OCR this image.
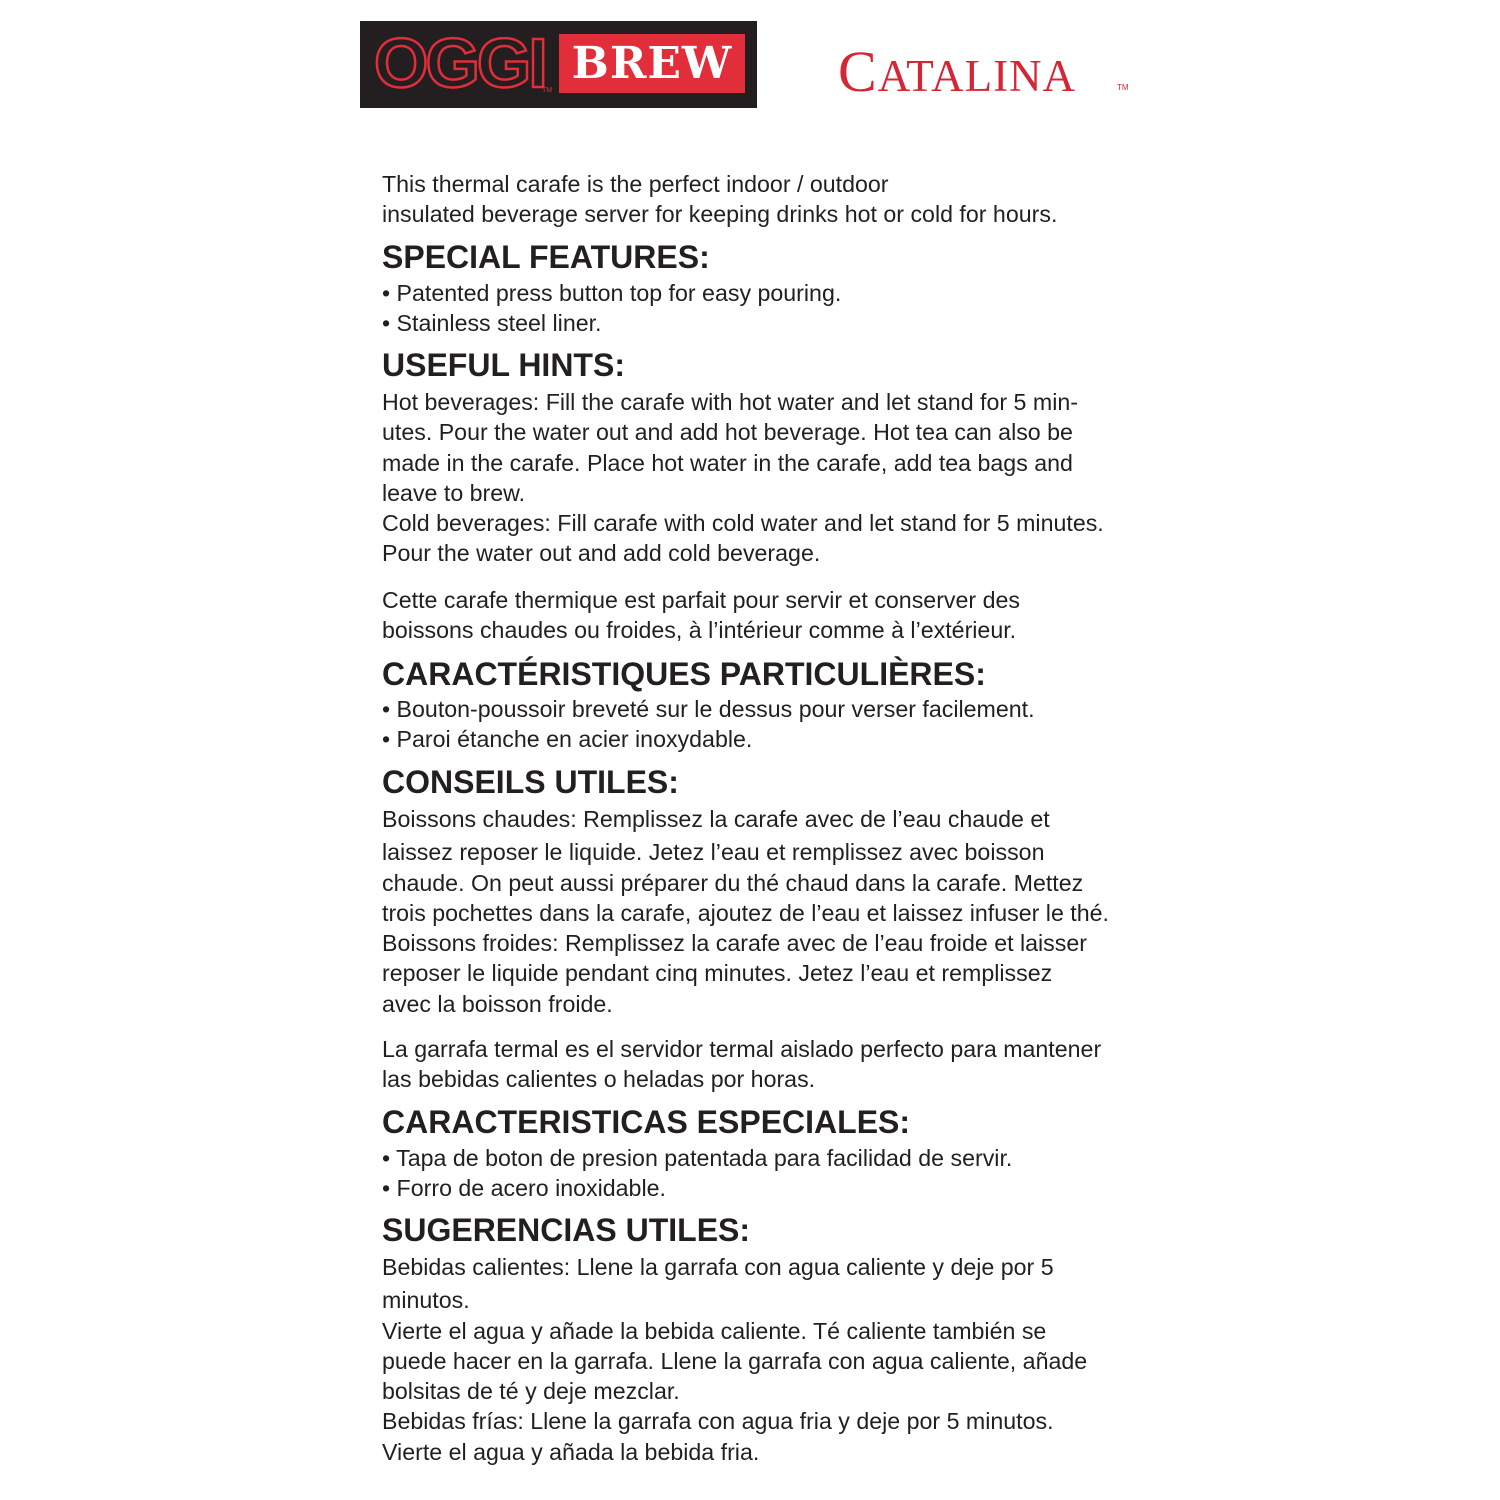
OGGI
TM
BREW CATALINA	TM

This thermal carafe is the perfect indoor / outdoor

insulated beverage server for keeping drinks hot or cold for hours.

SPECIAL FEATURES:

• Patented press button top for easy pouring.

• Stainless steel liner.

USEFUL HINTS:

Hot beverages: Fill the carafe with hot water and let stand for 5 min-

utes. Pour the water out and add hot beverage. Hot tea can also be

made in the carafe. Place hot water in the carafe, add tea bags and

leave to brew.

Cold beverages: Fill carafe with cold water and let stand for 5 minutes.

Pour the water out and add cold beverage.

Cette carafe thermique est parfait pour servir et conserver des

boissons chaudes ou froides, à l’intérieur comme à l’extérieur.

CARACTÉRISTIQUES PARTICULIÈRES:

• Bouton-poussoir breveté sur le dessus pour verser facilement.

• Paroi étanche en acier inoxydable.

CONSEILS UTILES:

Boissons chaudes: Remplissez la carafe avec de l’eau chaude et

laissez reposer le liquide. Jetez l’eau et remplissez avec boisson

chaude. On peut aussi préparer du thé chaud dans la carafe. Mettez

trois pochettes dans la carafe, ajoutez de l’eau et laissez infuser le thé.

Boissons froides: Remplissez la carafe avec de l’eau froide et laisser

reposer le liquide pendant cinq minutes. Jetez l’eau et remplissez

avec la boisson froide.

La garrafa termal es el servidor termal aislado perfecto para mantener

las bebidas calientes o heladas por horas.

CARACTERISTICAS ESPECIALES:

• Tapa de boton de presion patentada para facilidad de servir.

• Forro de acero inoxidable.

SUGERENCIAS UTILES:

Bebidas calientes: Llene la garrafa con agua caliente y deje por 5

minutos.

Vierte el agua y añade la bebida caliente. Té caliente también se

puede hacer en la garrafa. Llene la garrafa con agua caliente, añade

bolsitas de té y deje mezclar.

Bebidas frías: Llene la garrafa con agua fria y deje por 5 minutos.

Vierte el agua y añada la bebida fria.
